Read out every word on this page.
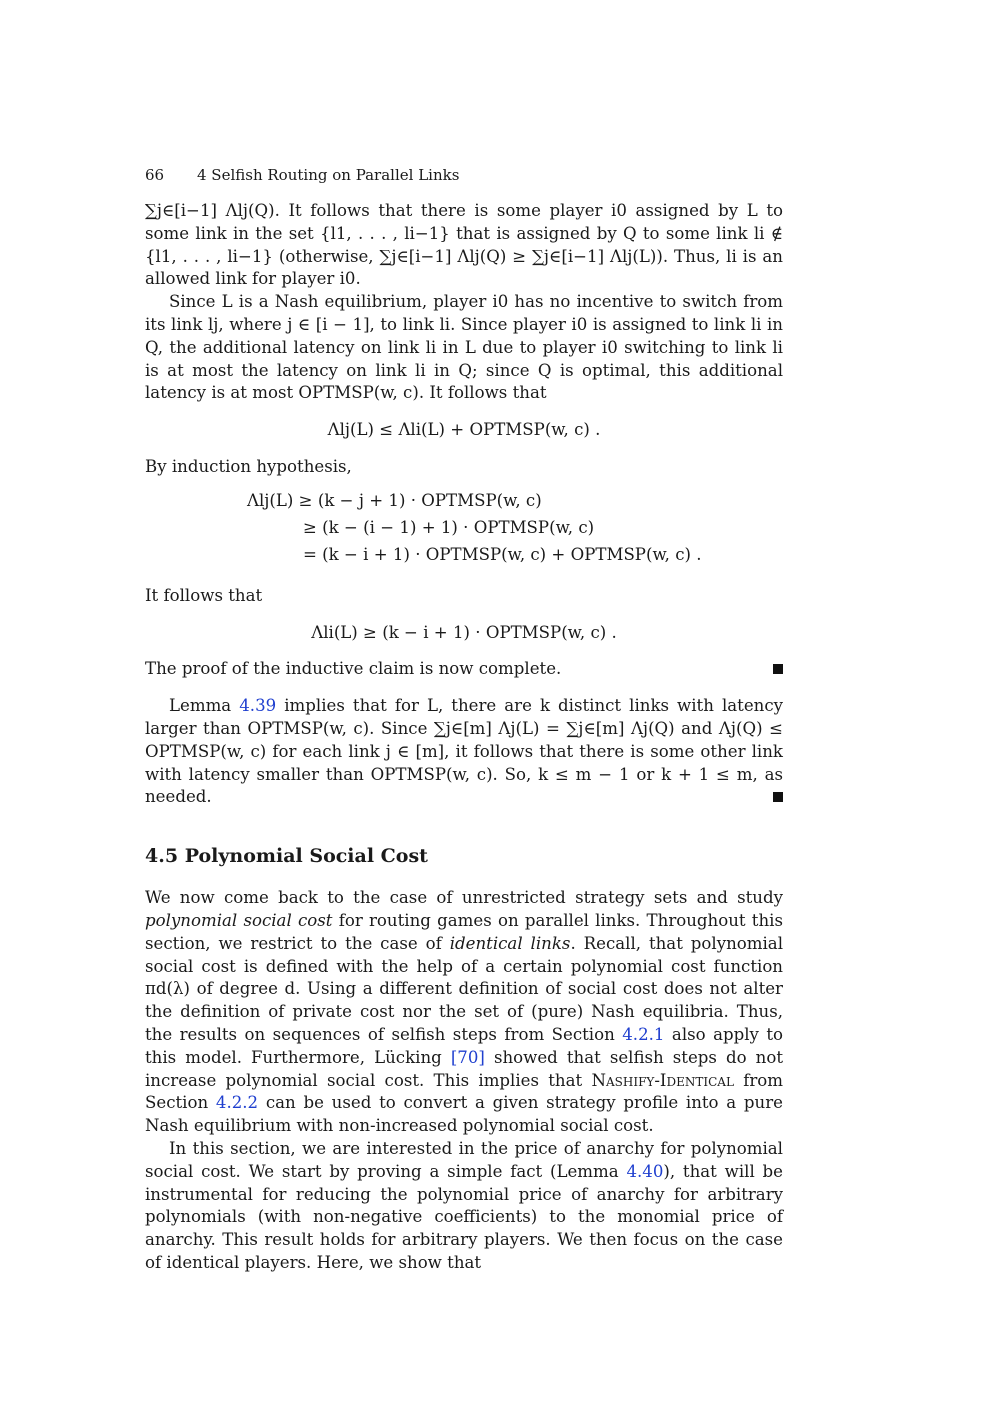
66 4 Selfish Routing on Parallel Links

∑j∈[i−1] Λlj(Q). It follows that there is some player i0 assigned by L to some link in the set {l1, . . . , li−1} that is assigned by Q to some link li ∉ {l1, . . . , li−1} (otherwise, ∑j∈[i−1] Λlj(Q) ≥ ∑j∈[i−1] Λlj(L)). Thus, li is an allowed link for player i0.

Since L is a Nash equilibrium, player i0 has no incentive to switch from its link lj, where j ∈ [i − 1], to link li. Since player i0 is assigned to link li in Q, the additional latency on link li in L due to player i0 switching to link li is at most the latency on link li in Q; since Q is optimal, this additional latency is at most OPTMSP(w, c). It follows that

Λlj(L) ≤ Λli(L) + OPTMSP(w, c) .

By induction hypothesis,

Λlj(L) ≥ (k − j + 1) · OPTMSP(w, c)
≥ (k − (i − 1) + 1) · OPTMSP(w, c)
= (k − i + 1) · OPTMSP(w, c) + OPTMSP(w, c) .

It follows that

Λli(L) ≥ (k − i + 1) · OPTMSP(w, c) .

The proof of the inductive claim is now complete.

Lemma 4.39 implies that for L, there are k distinct links with latency larger than OPTMSP(w, c). Since ∑j∈[m] Λj(L) = ∑j∈[m] Λj(Q) and Λj(Q) ≤ OPTMSP(w, c) for each link j ∈ [m], it follows that there is some other link with latency smaller than OPTMSP(w, c). So, k ≤ m − 1 or k + 1 ≤ m, as needed.

4.5 Polynomial Social Cost

We now come back to the case of unrestricted strategy sets and study polynomial social cost for routing games on parallel links. Throughout this section, we restrict to the case of identical links. Recall, that polynomial social cost is defined with the help of a certain polynomial cost function πd(λ) of degree d. Using a different definition of social cost does not alter the definition of private cost nor the set of (pure) Nash equilibria. Thus, the results on sequences of selfish steps from Section 4.2.1 also apply to this model. Furthermore, Lücking [70] showed that selfish steps do not increase polynomial social cost. This implies that Nashify-Identical from Section 4.2.2 can be used to convert a given strategy profile into a pure Nash equilibrium with non-increased polynomial social cost.

In this section, we are interested in the price of anarchy for polynomial social cost. We start by proving a simple fact (Lemma 4.40), that will be instrumental for reducing the polynomial price of anarchy for arbitrary polynomials (with non-negative coefficients) to the monomial price of anarchy. This result holds for arbitrary players. We then focus on the case of identical players. Here, we show that
